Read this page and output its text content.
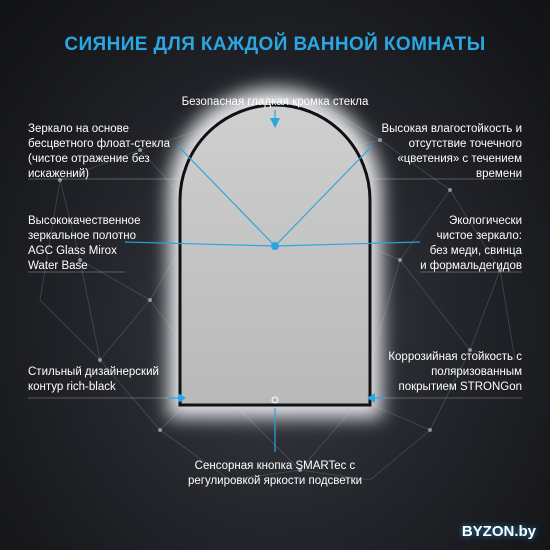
СИЯНИЕ ДЛЯ КАЖДОЙ ВАННОЙ КОМНАТЫ
Безопасная гладкая кромка стекла
Зеркало на основе
бесцветного флоат-стекла
(чистое отражение без
искажений)
Высококачественное
зеркальное полотно
AGC Glass Mirox
Water Base
Стильный дизайнерский
контур rich-black
Высокая влагостойкость и
отсутствие точечного
«цветения» с течением
времени
Экологически
чистое зеркало:
без меди, свинца
и формальдегидов
Коррозийная стойкость с
поляризованным
покрытием STRONGon
Сенсорная кнопка SMARTec с
регулировкой яркости подсветки
BYZON.by
